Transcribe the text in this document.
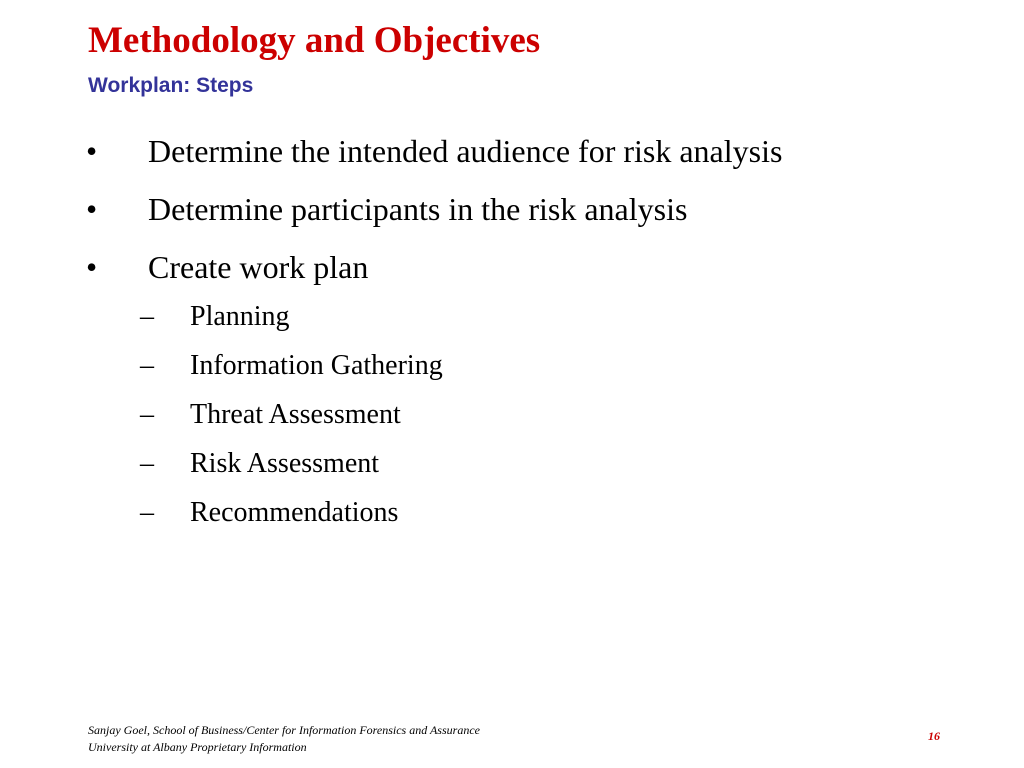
Methodology and Objectives
Workplan: Steps
•	Determine the intended audience for risk analysis
•	Determine participants in the risk analysis
•	Create work plan
–	Planning
–	Information Gathering
–	Threat Assessment
–	Risk Assessment
–	Recommendations
Sanjay Goel, School of Business/Center for Information Forensics and Assurance
University at Albany Proprietary Information
16
